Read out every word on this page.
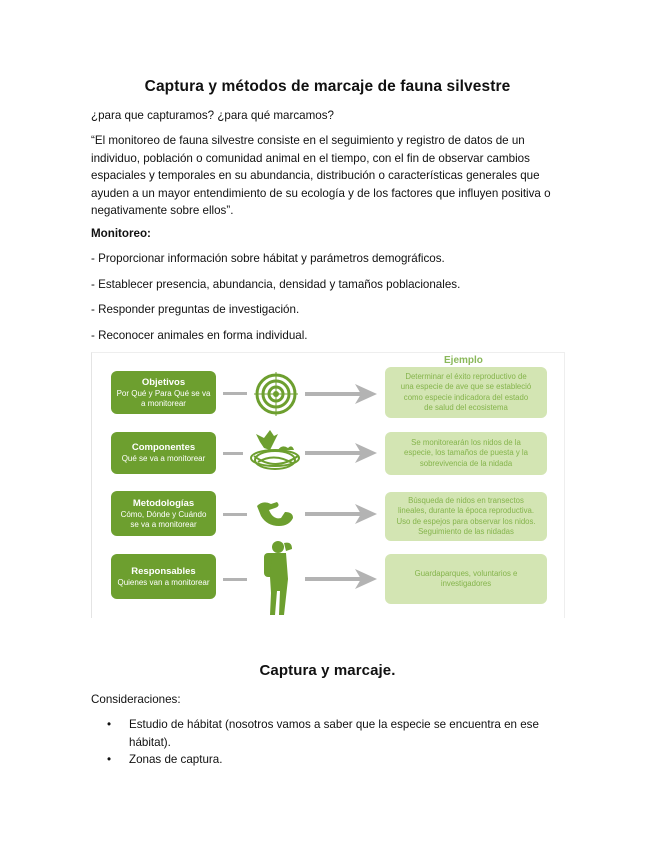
Captura y métodos de marcaje de fauna silvestre
¿para que capturamos? ¿para qué marcamos?
“El monitoreo de fauna silvestre consiste en el seguimiento y registro de datos de un
individuo, población o comunidad animal en el tiempo, con el fin de observar cambios
espaciales y temporales en su abundancia, distribución o características generales que
ayuden a un mayor entendimiento de su ecología y de los factores que influyen positiva o
negativamente sobre ellos”.
Monitoreo:
- Proporcionar información sobre hábitat y parámetros demográficos.
- Establecer presencia, abundancia, densidad y tamaños poblacionales.
- Responder preguntas de investigación.
- Reconocer animales en forma individual.
Ejemplo
Objetivos
Por Qué y Para Qué se va
a monitorear
Determinar el éxito reproductivo de
una especie de ave que se estableció
como especie indicadora del estado
de salud del ecosistema
Componentes
Qué se va a monitorear
Se monitorearán los nidos de la
especie, los tamaños de puesta y la
sobrevivencia de la nidada
Metodologías
Cómo, Dónde y Cuándo
se va a monitorear
Búsqueda de nidos en transectos
lineales, durante la época reproductiva.
Uso de espejos para observar los nidos.
Seguimiento de las nidadas
Responsables
Quienes van a monitorear
Guardaparques, voluntarios e
investigadores
Captura y marcaje.
Consideraciones:
• Estudio de hábitat (nosotros vamos a saber que la especie se encuentra en ese
hábitat).
• Zonas de captura.
